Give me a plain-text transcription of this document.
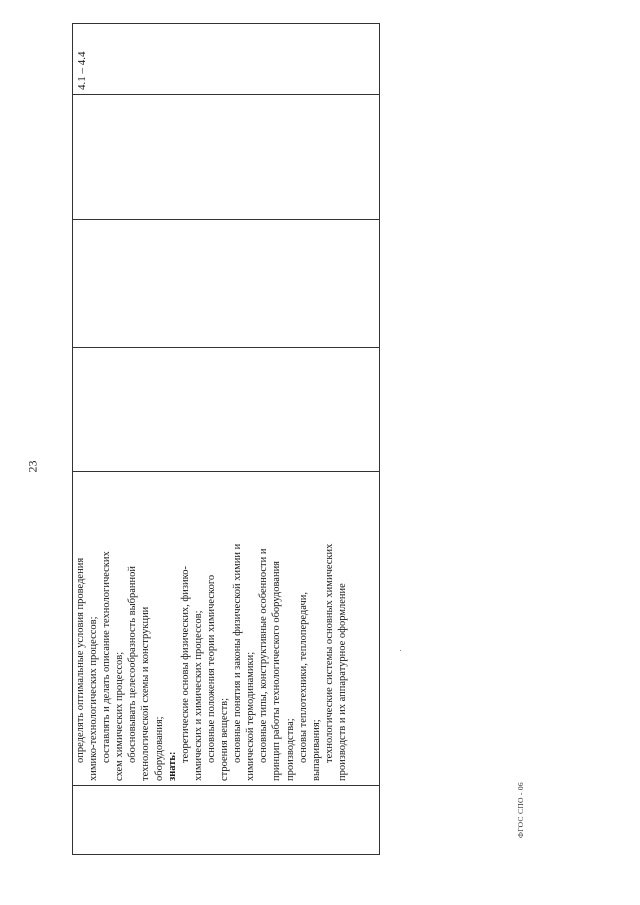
23

определять оптимальные условия проведения химико-технологических процессов; составлять и делать описание технологических схем химических процессов; обосновывать целесообразность выбранной технологической схемы и конструкции оборудования; знать:

теоретические основы физических, физико- химических и химических процессов; основные положения теории химического строения веществ; основные понятия и законы физической химии и химической термодинамики; основные типы, конструктивные особенности и принцип работы технологического оборудования производства; основы теплотехники, теплопередачи, выпаривания; технологические системы основных химических производств и их аппаратурное оформление

4.1 – 4.4
ФГОС СПО - 06
